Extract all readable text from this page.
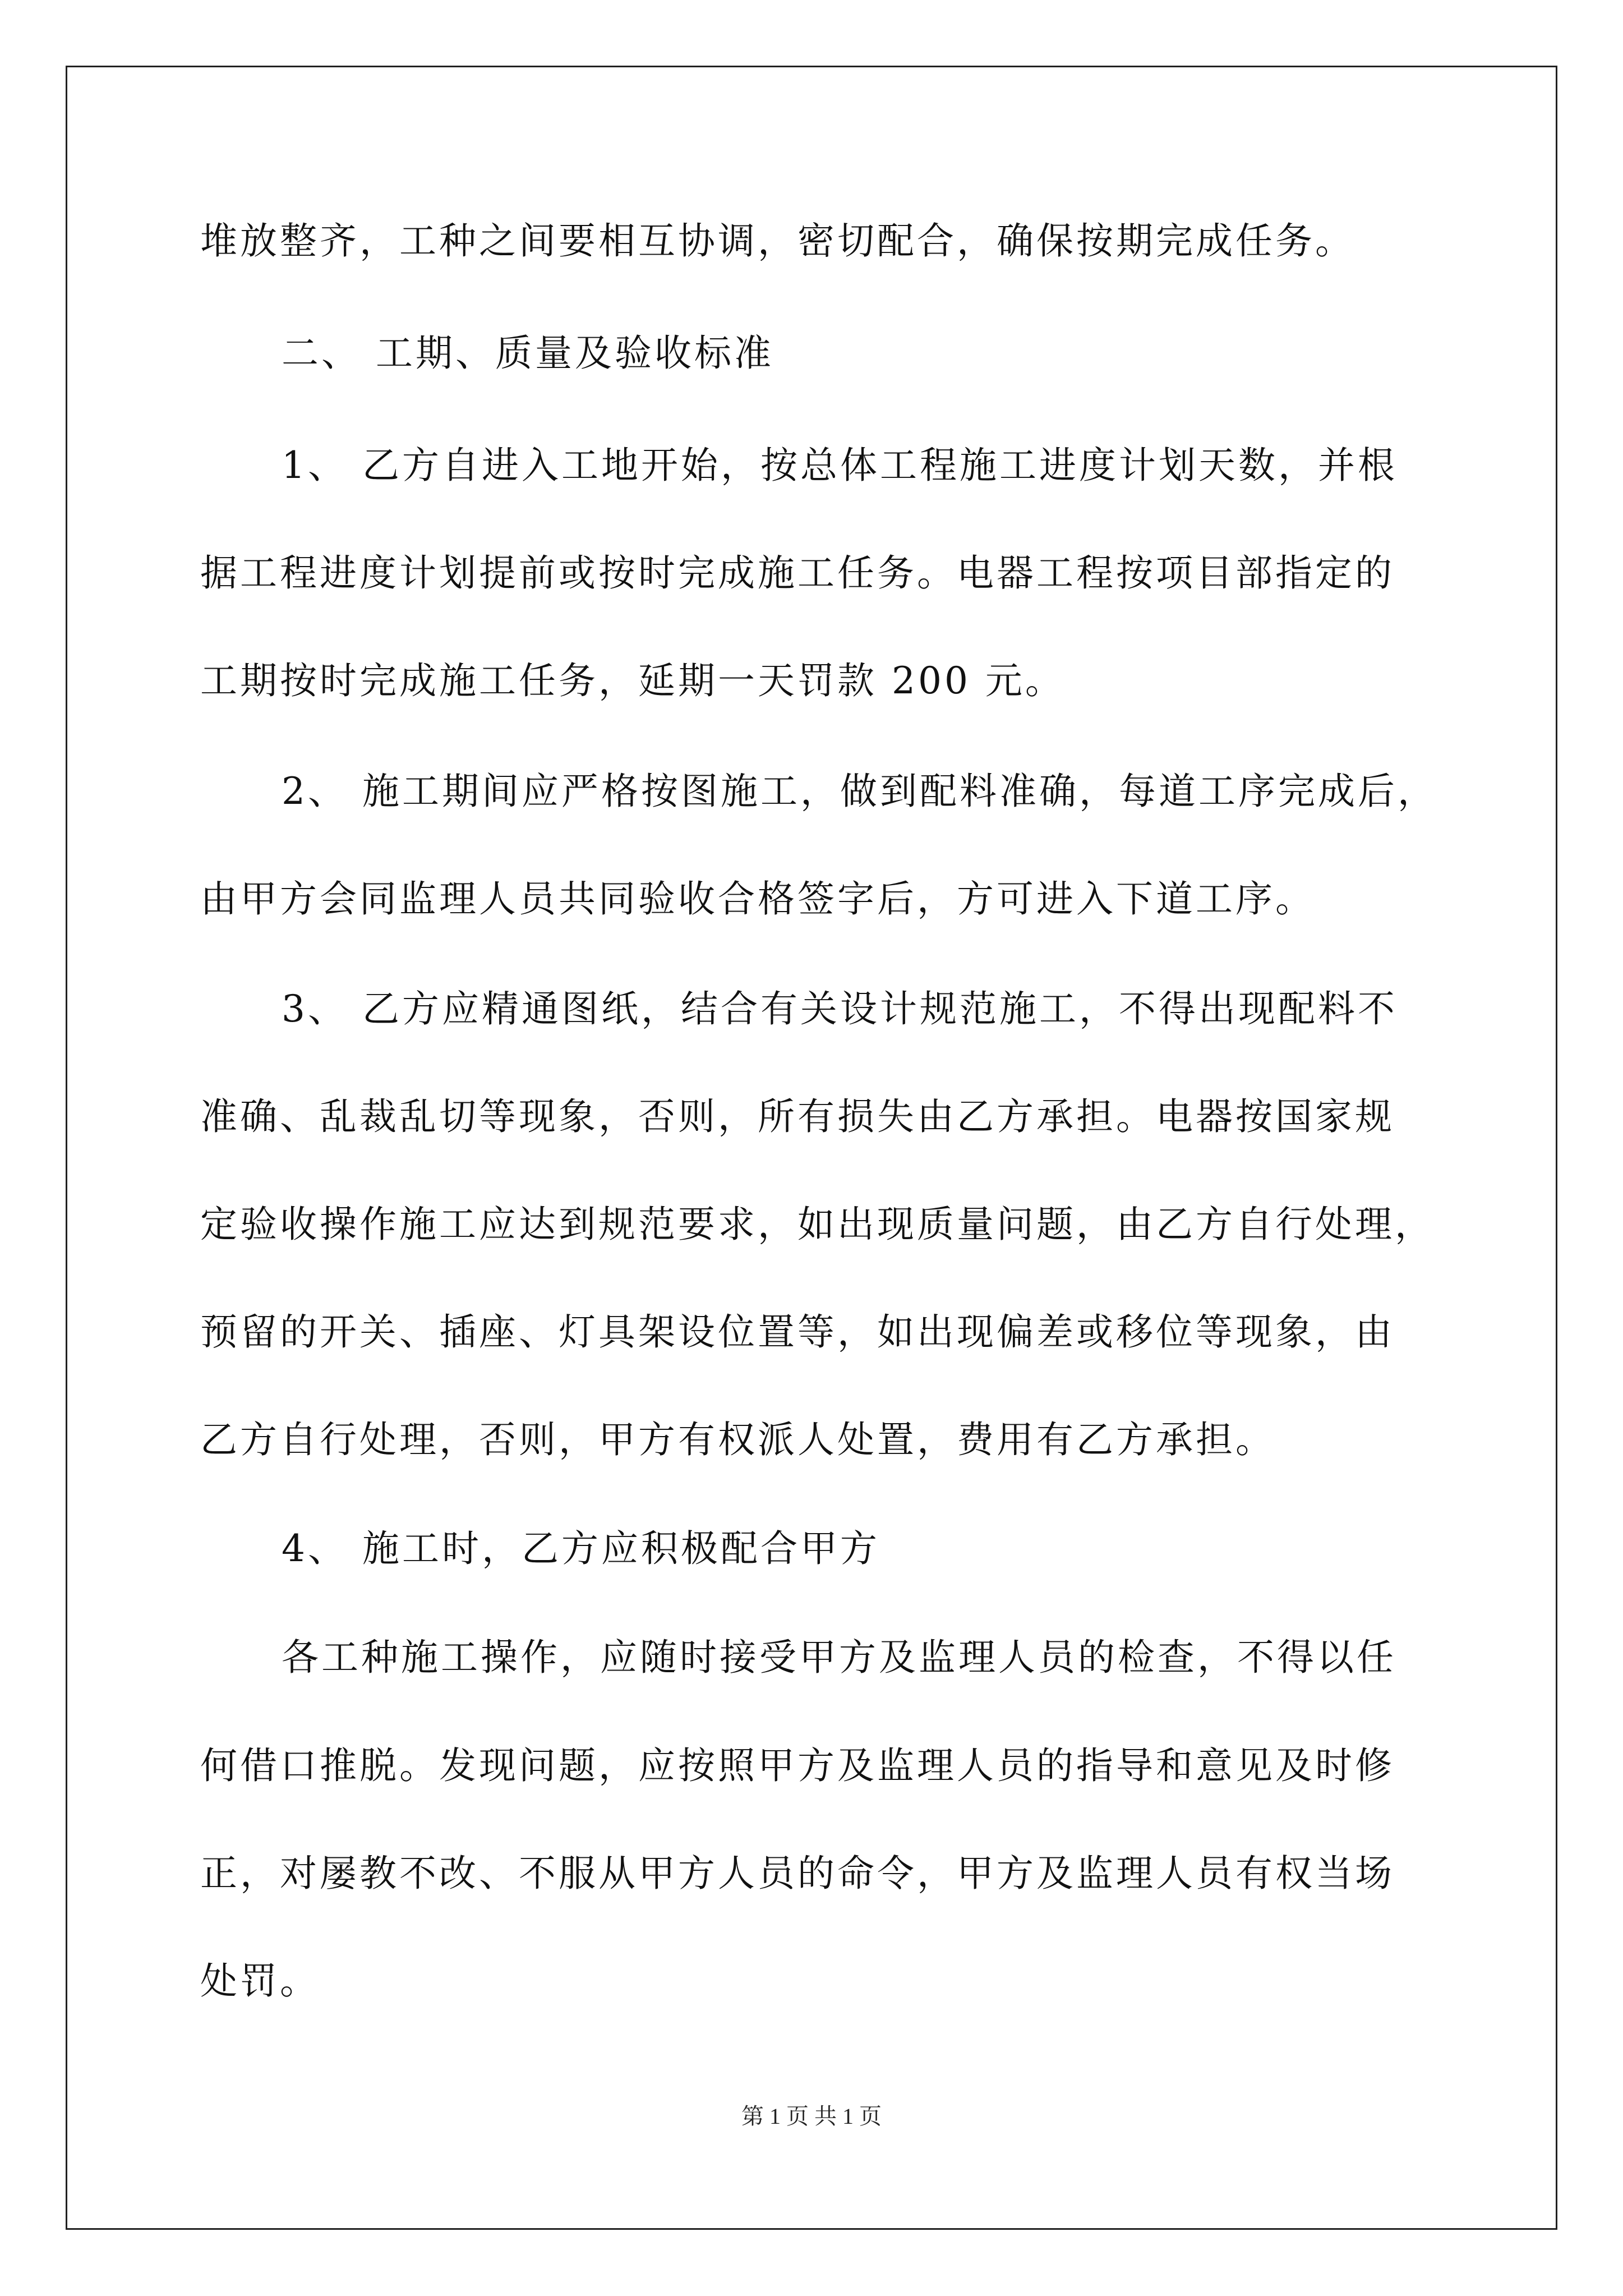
堆放整齐，工种之间要相互协调，密切配合，确保按期完成任务。
二、 工期、质量及验收标准
1、 乙方自进入工地开始，按总体工程施工进度计划天数，并根
据工程进度计划提前或按时完成施工任务。电器工程按项目部指定的
工期按时完成施工任务，延期一天罚款 200 元。
2、 施工期间应严格按图施工，做到配料准确，每道工序完成后，
由甲方会同监理人员共同验收合格签字后，方可进入下道工序。
3、 乙方应精通图纸，结合有关设计规范施工，不得出现配料不
准确、乱裁乱切等现象，否则，所有损失由乙方承担。电器按国家规
定验收操作施工应达到规范要求，如出现质量问题，由乙方自行处理，
预留的开关、插座、灯具架设位置等，如出现偏差或移位等现象，由
乙方自行处理，否则，甲方有权派人处置，费用有乙方承担。
4、 施工时，乙方应积极配合甲方
各工种施工操作，应随时接受甲方及监理人员的检查，不得以任
何借口推脱。发现问题，应按照甲方及监理人员的指导和意见及时修
正，对屡教不改、不服从甲方人员的命令，甲方及监理人员有权当场
处罚。
第 1 页 共 1 页
